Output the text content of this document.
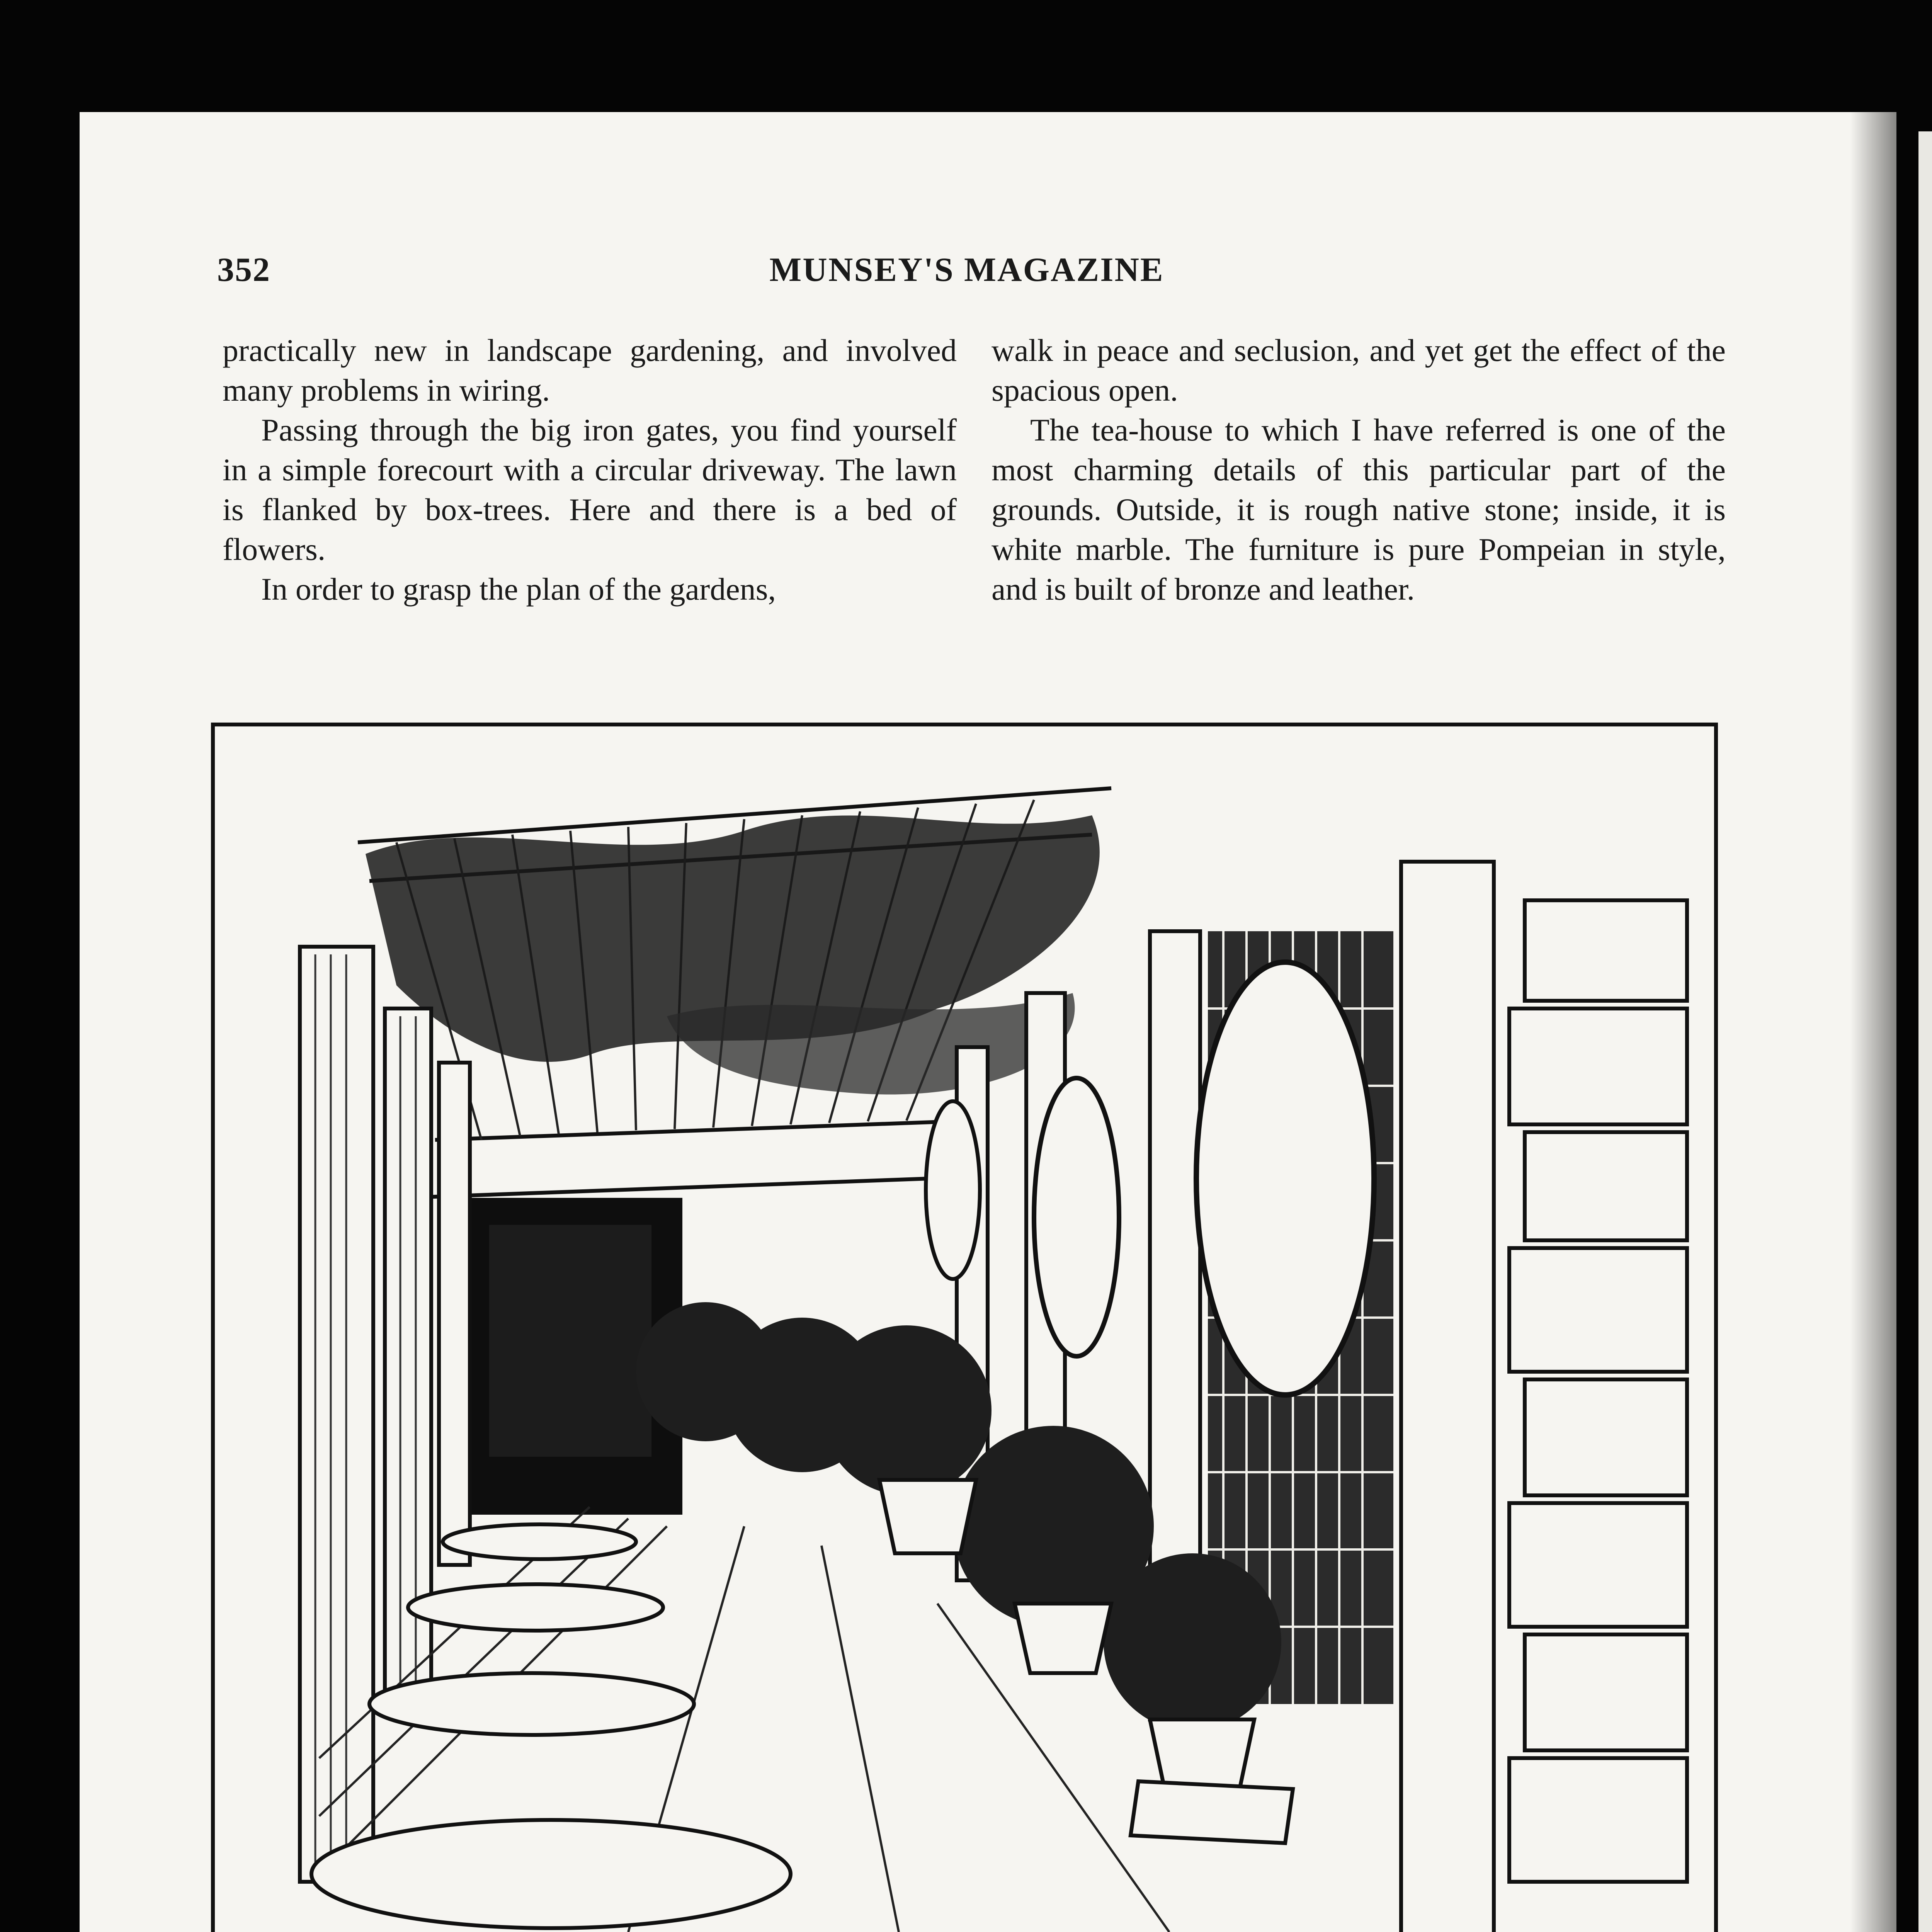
352	MUNSEY'S MAGAZINE

practically new in landscape gardening, and involved many problems in wiring.

Passing through the big iron gates, you find yourself in a simple forecourt with a circular driveway. The lawn is flanked by box-trees. Here and there is a bed of flowers.

In order to grasp the plan of the gardens,

walk in peace and seclusion, and yet get the effect of the spacious open.

The tea-house to which I have referred is one of the most charming details of this particular part of the grounds. Outside, it is rough native stone; inside, it is white marble. The furniture is pure Pompeian in style, and is built of bronze and leather.
